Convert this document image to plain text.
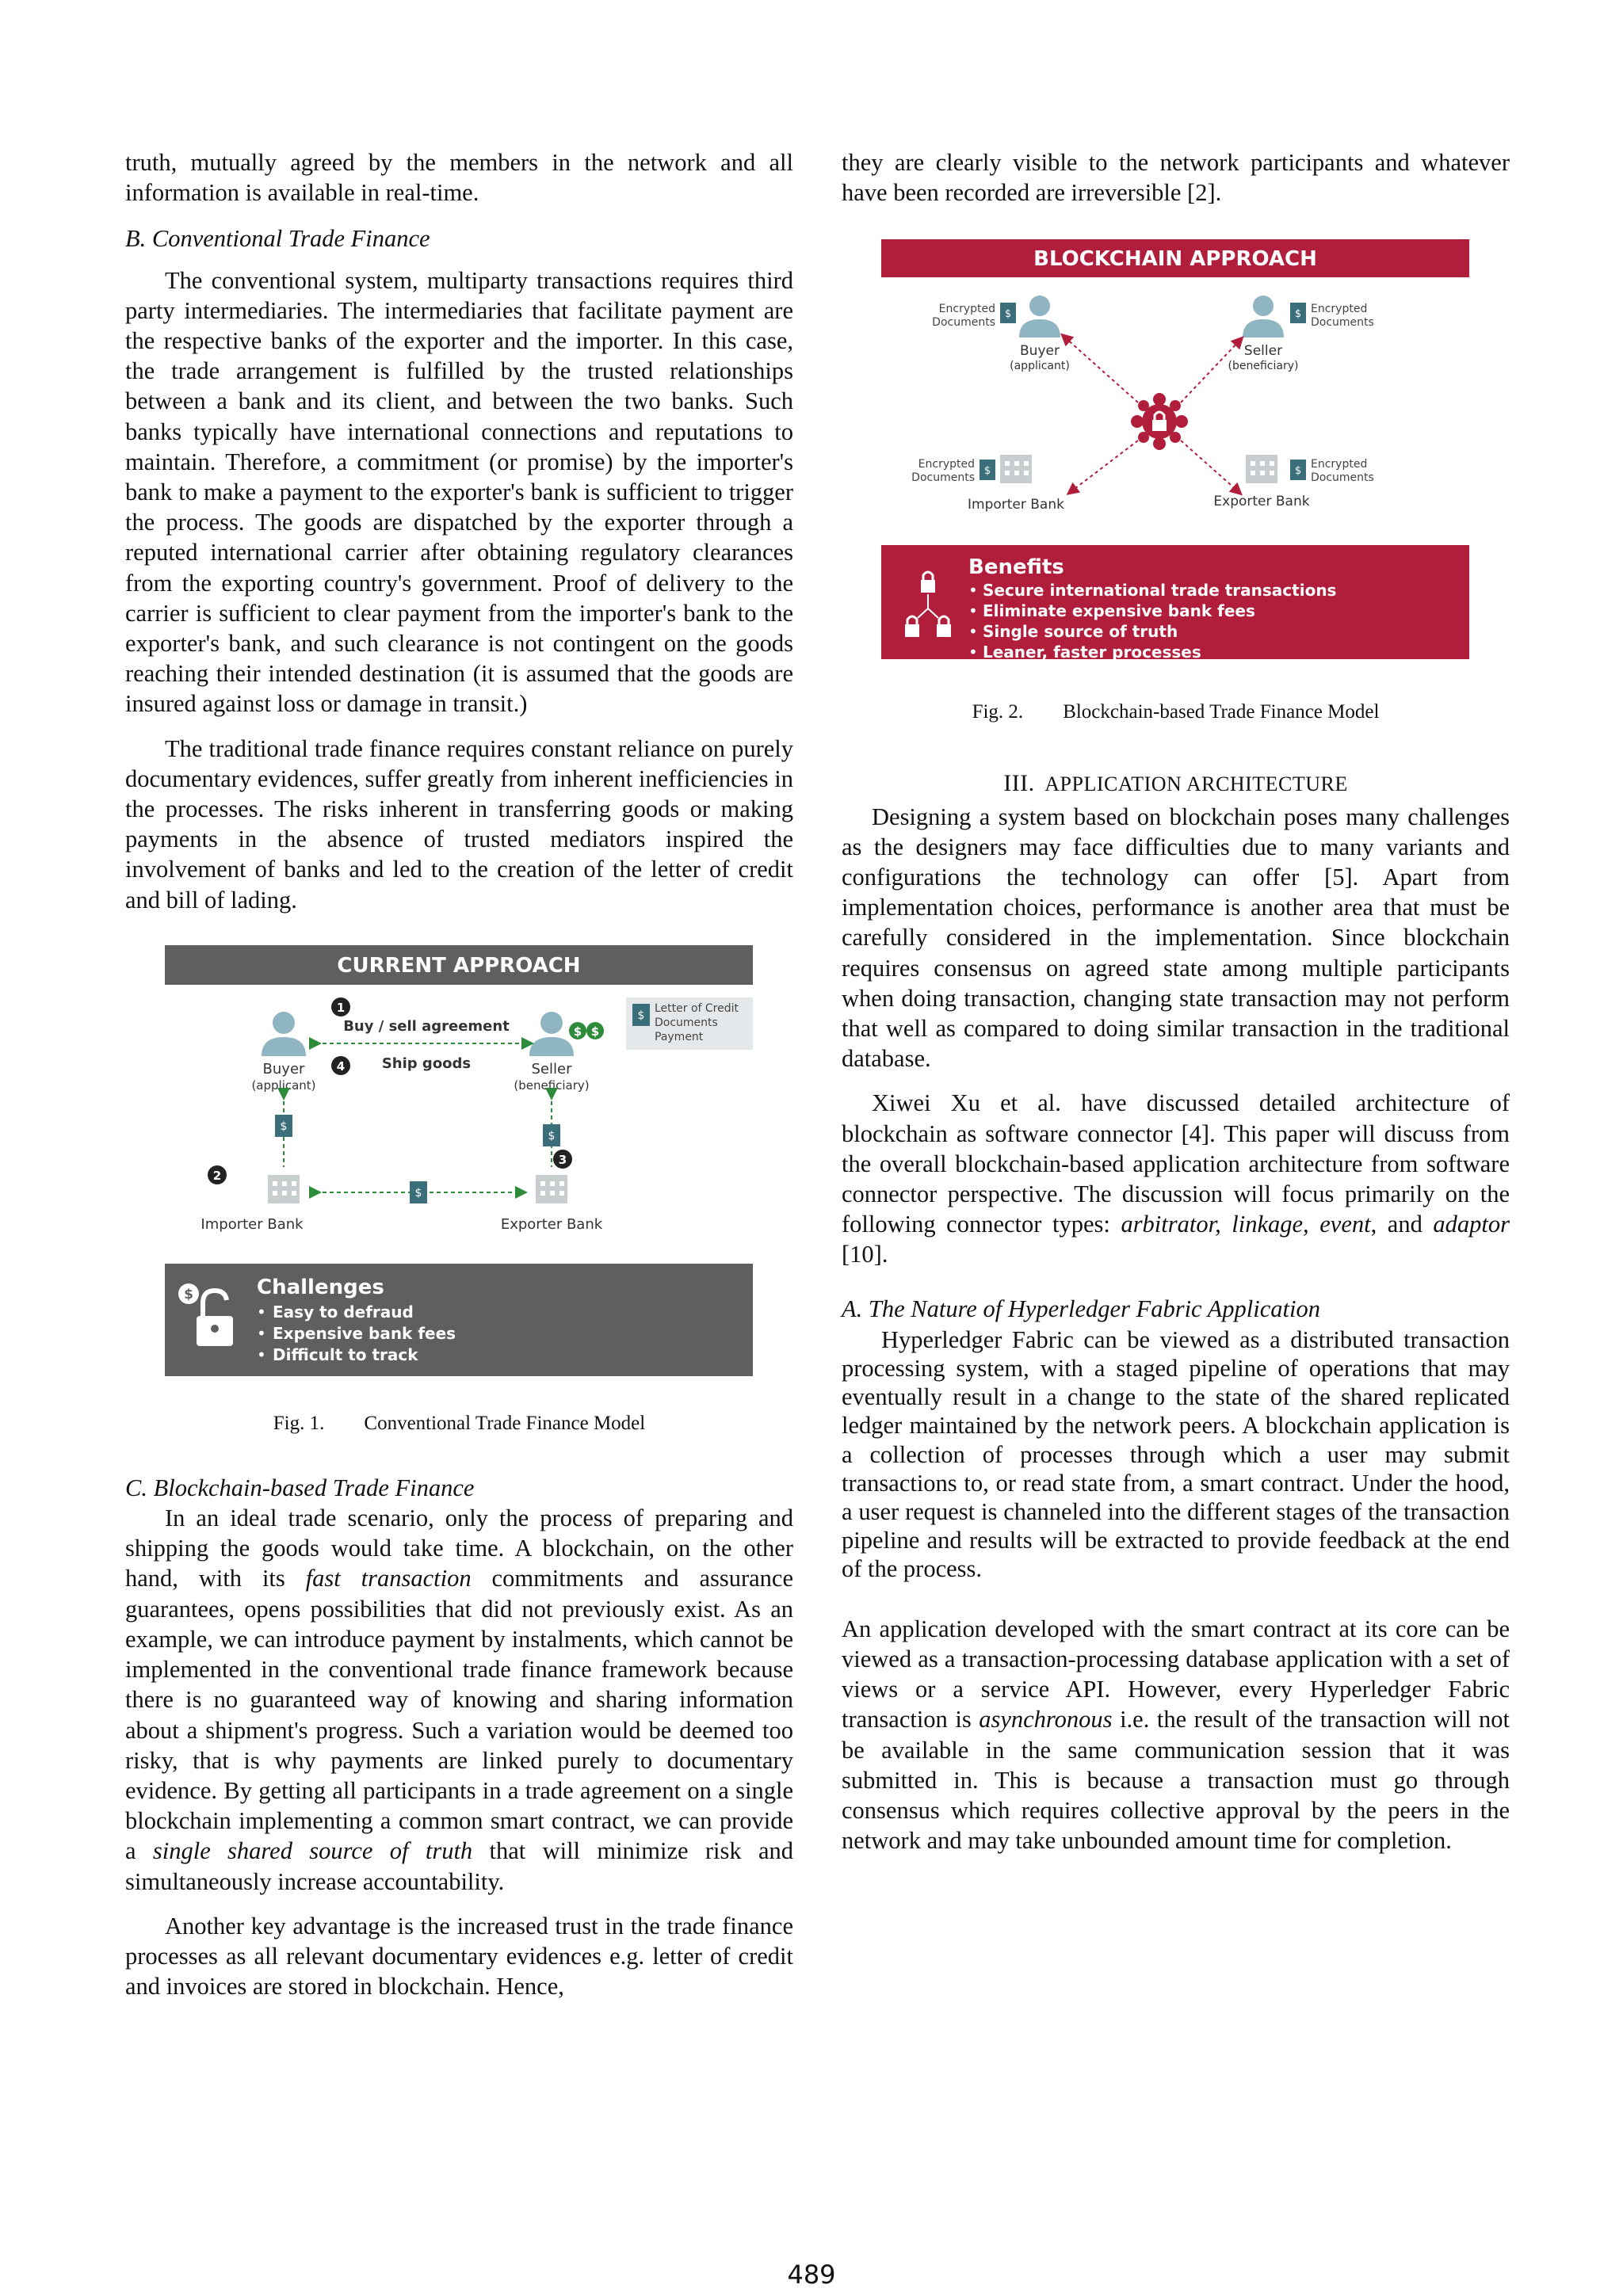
truth, mutually agreed by the members in the network and all information is available in real-time.

B. Conventional Trade Finance

The conventional system, multiparty transactions requires third party intermediaries. The intermediaries that facilitate payment are the respective banks of the exporter and the importer. In this case, the trade arrangement is fulfilled by the trusted relationships between a bank and its client, and between the two banks. Such banks typically have international connections and reputations to maintain. Therefore, a commitment (or promise) by the importer's bank to make a payment to the exporter's bank is sufficient to trigger the process. The goods are dispatched by the exporter through a reputed international carrier after obtaining regulatory clearances from the exporting country's government. Proof of delivery to the carrier is sufficient to clear payment from the importer's bank to the exporter's bank, and such clearance is not contingent on the goods reaching their intended destination (it is assumed that the goods are insured against loss or damage in transit.)

The traditional trade finance requires constant reliance on purely documentary evidences, suffer greatly from inherent inefficiencies in the processes. The risks inherent in transferring goods or making payments in the absence of trusted mediators inspired the involvement of banks and led to the creation of the letter of credit and bill of lading.

CURRENT APPROACH
Buyer
(applicant)
$ $
Seller
(beneficiary)
1
4
2
3
Buy / sell agreement
Ship goods
$
Letter of Credit
Documents
Payment
$
$
Importer Bank	Exporter Bank
$
$	Challenges
• Easy to defraud
• Expensive bank fees
• Difficult to track
Fig. 1. Conventional Trade Finance Model
C. Blockchain-based Trade Finance

In an ideal trade scenario, only the process of preparing and shipping the goods would take time. A blockchain, on the other hand, with its fast transaction commitments and assurance guarantees, opens possibilities that did not previously exist. As an example, we can introduce payment by instalments, which cannot be implemented in the conventional trade finance framework because there is no guaranteed way of knowing and sharing information about a shipment's progress. Such a variation would be deemed too risky, that is why payments are linked purely to documentary evidence. By getting all participants in a trade agreement on a single blockchain implementing a common smart contract, we can provide a single shared source of truth that will minimize risk and simultaneously increase accountability.

Another key advantage is the increased trust in the trade finance processes as all relevant documentary evidences e.g. letter of credit and invoices are stored in blockchain. Hence,

they are clearly visible to the network participants and whatever have been recorded are irreversible [2].

BLOCKCHAIN APPROACH
Encrypted
Documents
$
Buyer
(applicant)
$ Encrypted
Documents
Seller
(beneficiary)
Encrypted
Documents
$
Importer Bank
$
Encrypted
Documents
Exporter Bank
Benefits
• Secure international trade transactions
• Eliminate expensive bank fees
• Single source of truth
• Leaner, faster processes
Fig. 2. Blockchain-based Trade Finance Model
III. APPLICATION ARCHITECTURE

Designing a system based on blockchain poses many challenges as the designers may face difficulties due to many variants and configurations the technology can offer [5]. Apart from implementation choices, performance is another area that must be carefully considered in the implementation. Since blockchain requires consensus on agreed state among multiple participants when doing transaction, changing state transaction may not perform that well as compared to doing similar transaction in the traditional database.

Xiwei Xu et al. have discussed detailed architecture of blockchain as software connector [4]. This paper will discuss from the overall blockchain-based application architecture from software connector perspective. The discussion will focus primarily on the following connector types: arbitrator, linkage, event, and adaptor [10].

A. The Nature of Hyperledger Fabric Application

Hyperledger Fabric can be viewed as a distributed transaction processing system, with a staged pipeline of operations that may eventually result in a change to the state of the shared replicated ledger maintained by the network peers. A blockchain application is a collection of processes through which a user may submit transactions to, or read state from, a smart contract. Under the hood, a user request is channeled into the different stages of the transaction pipeline and results will be extracted to provide feedback at the end of the process.

An application developed with the smart contract at its core can be viewed as a transaction-processing database application with a set of views or a service API. However, every Hyperledger Fabric transaction is asynchronous i.e. the result of the transaction will not be available in the same communication session that it was submitted in. This is because a transaction must go through consensus which requires collective approval by the peers in the network and may take unbounded amount time for completion.

489
